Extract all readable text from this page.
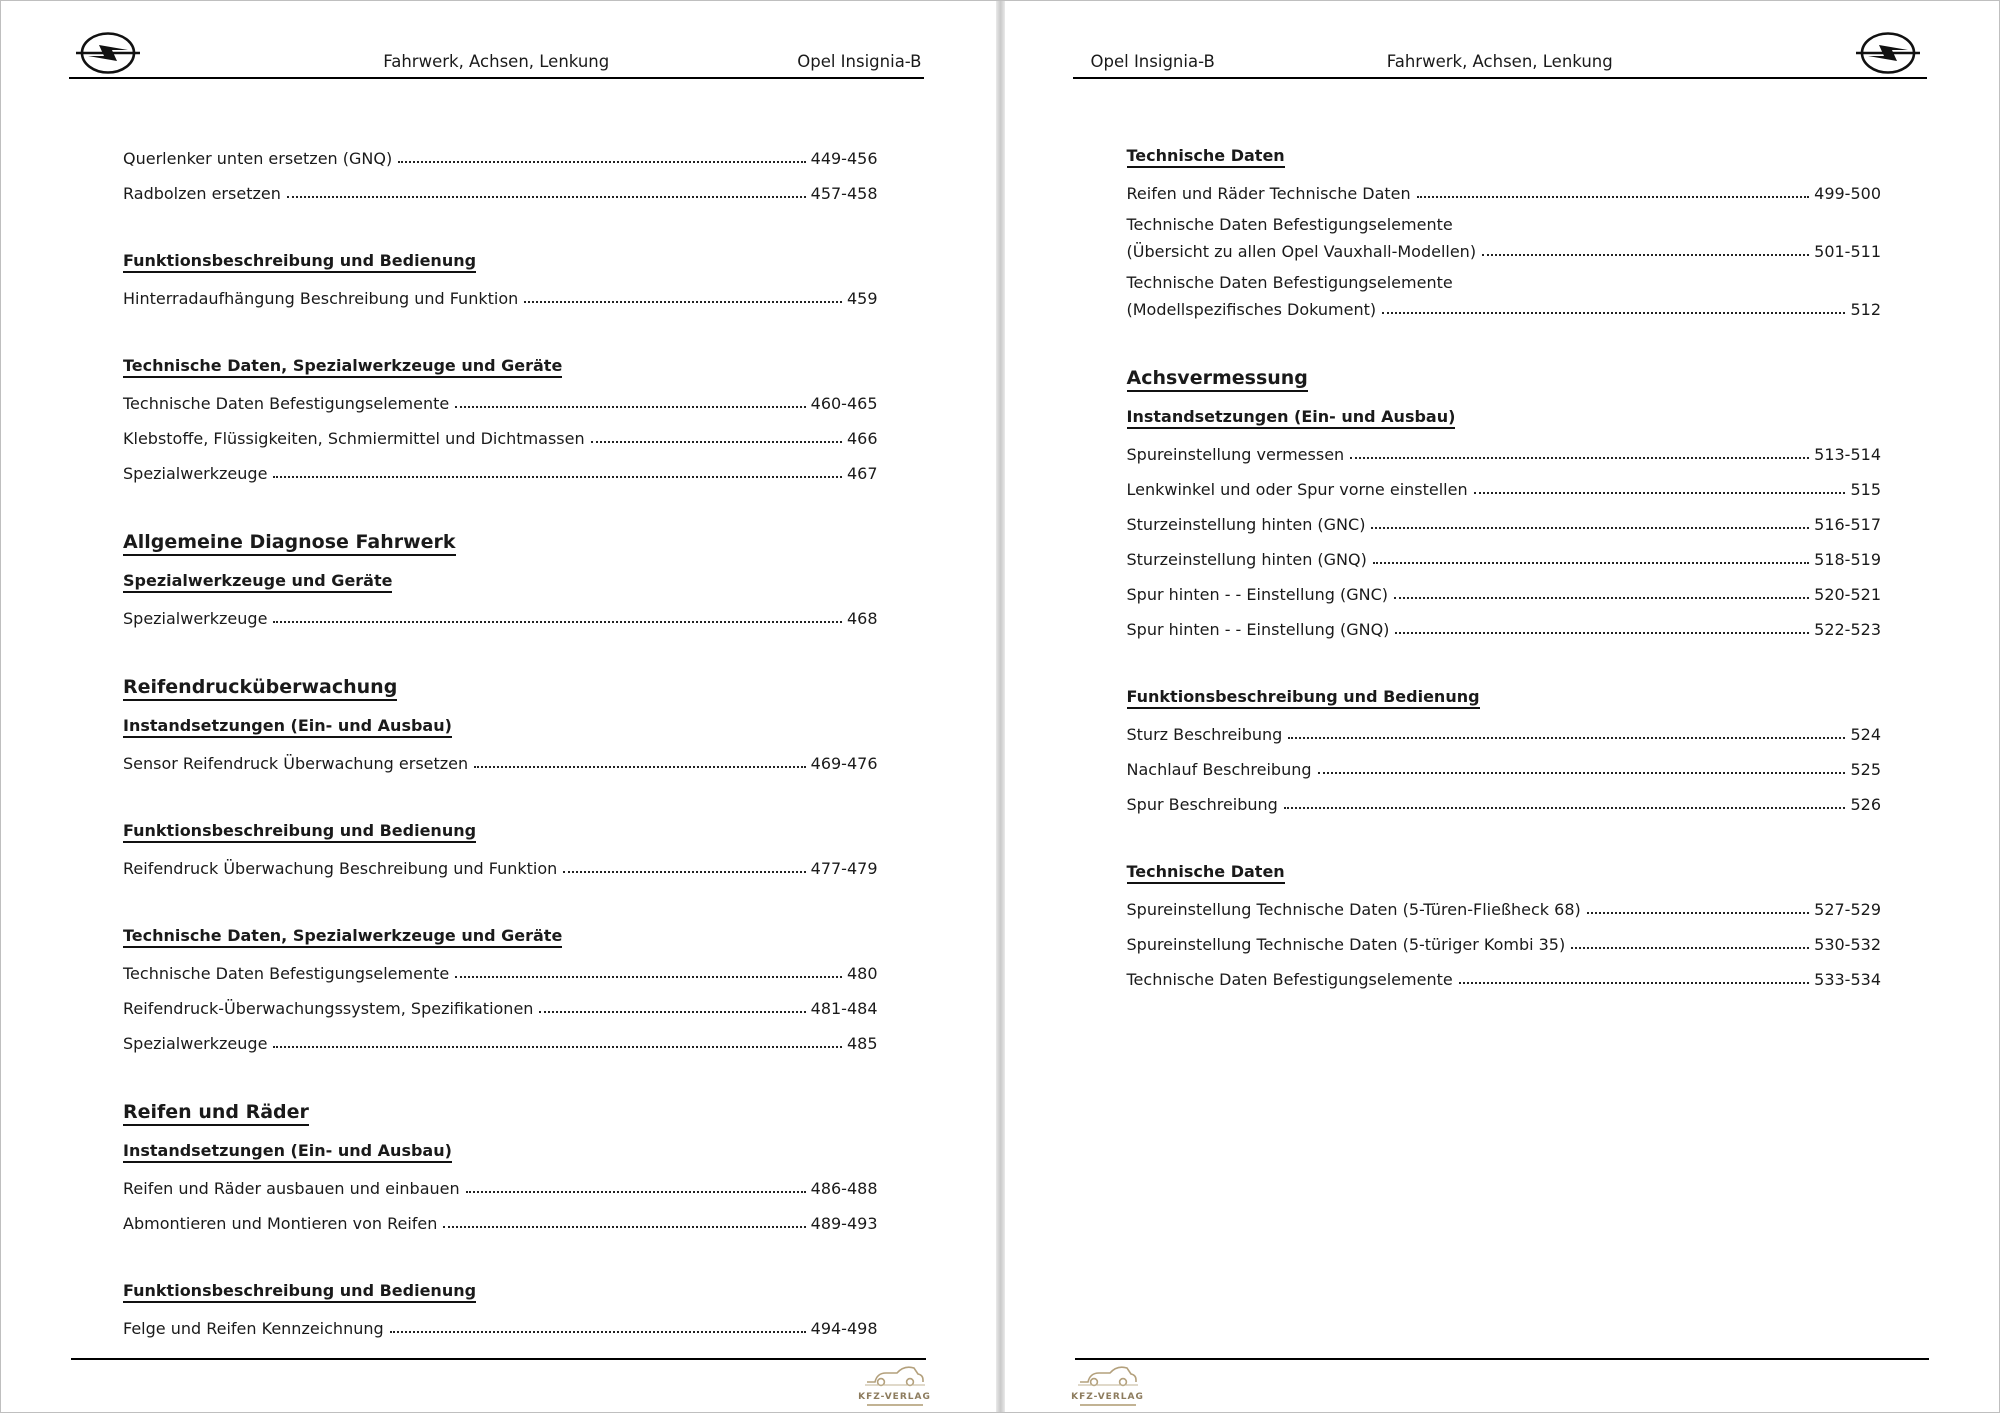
Fahrwerk, Achsen, Lenkung	Opel Insignia-B
Querlenker unten ersetzen (GNQ)	449-456
Radbolzen ersetzen	457-458
Funktionsbeschreibung und Bedienung
Hinterradaufhängung Beschreibung und Funktion	459
Technische Daten, Spezialwerkzeuge und Geräte
Technische Daten Befestigungselemente	460-465
Klebstoffe, Flüssigkeiten, Schmiermittel und Dichtmassen	466
Spezialwerkzeuge	467
Allgemeine Diagnose Fahrwerk
Spezialwerkzeuge und Geräte
Spezialwerkzeuge	468
Reifendrucküberwachung
Instandsetzungen (Ein- und Ausbau)
Sensor Reifendruck Überwachung ersetzen	469-476
Funktionsbeschreibung und Bedienung
Reifendruck Überwachung Beschreibung und Funktion	477-479
Technische Daten, Spezialwerkzeuge und Geräte
Technische Daten Befestigungselemente	480
Reifendruck-Überwachungssystem, Spezifikationen	481-484
Spezialwerkzeuge	485
Reifen und Räder
Instandsetzungen (Ein- und Ausbau)
Reifen und Räder ausbauen und einbauen	486-488
Abmontieren und Montieren von Reifen	489-493
Funktionsbeschreibung und Bedienung
Felge und Reifen Kennzeichnung	494-498
KFZ-VERLAG
Opel Insignia-B	Fahrwerk, Achsen, Lenkung
Technische Daten
Reifen und Räder Technische Daten	499-500
Technische Daten Befestigungselemente
(Übersicht zu allen Opel Vauxhall-Modellen)	501-511
Technische Daten Befestigungselemente
(Modellspezifisches Dokument)	512
Achsvermessung
Instandsetzungen (Ein- und Ausbau)
Spureinstellung vermessen	513-514
Lenkwinkel und oder Spur vorne einstellen	515
Sturzeinstellung hinten (GNC)	516-517
Sturzeinstellung hinten (GNQ)	518-519
Spur hinten - - Einstellung (GNC)	520-521
Spur hinten - - Einstellung (GNQ)	522-523
Funktionsbeschreibung und Bedienung
Sturz Beschreibung	524
Nachlauf Beschreibung	525
Spur Beschreibung	526
Technische Daten
Spureinstellung Technische Daten (5-Türen-Fließheck 68)	527-529
Spureinstellung Technische Daten (5-türiger Kombi 35)	530-532
Technische Daten Befestigungselemente	533-534
KFZ-VERLAG
